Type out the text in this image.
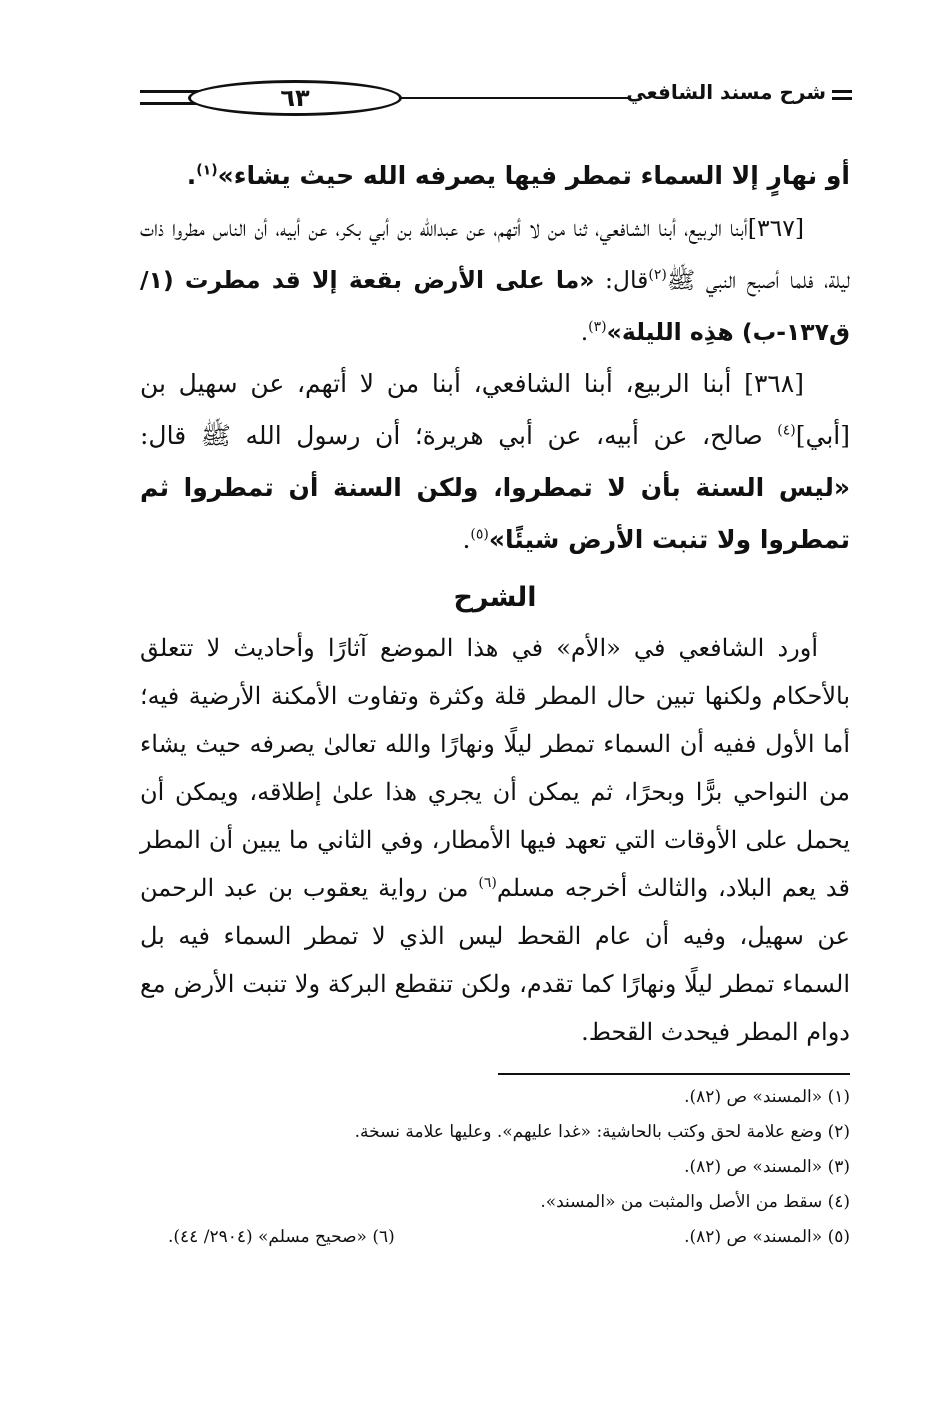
٦٣	شرح مسند الشافعي

أو نهارٍ إلا السماء تمطر فيها يصرفه الله حيث يشاء»$^{(١)}$.

[٣٦٧]أبنا الربيع، أبنا الشافعي، ثنا من لا أتهم، عن عبدالله بن أبي بكر، عن أبيه، أن الناس مطروا ذات ليلة، فلما أصبح النبي ﷺ$^{(٢)}$قال: «ما على الأرض بقعة إلا قد مطرت (١/ ق١٣٧-ب) هذِه الليلة»$^{(٣)}$.

[٣٦٨] أبنا الربيع، أبنا الشافعي، أبنا من لا أتهم، عن سهيل بن [أبي]$^{(٤)}$ صالح، عن أبيه، عن أبي هريرة؛ أن رسول الله ﷺ قال: «ليس السنة بأن لا تمطروا، ولكن السنة أن تمطروا ثم تمطروا ولا تنبت الأرض شيئًا»$^{(٥)}$.

الشرح

أورد الشافعي في «الأم» في هذا الموضع آثارًا وأحاديث لا تتعلق بالأحكام ولكنها تبين حال المطر قلة وكثرة وتفاوت الأمكنة الأرضية فيه؛ أما الأول ففيه أن السماء تمطر ليلًا ونهارًا والله تعالىٰ يصرفه حيث يشاء من النواحي برًّا وبحرًا، ثم يمكن أن يجري هذا علىٰ إطلاقه، ويمكن أن يحمل على الأوقات التي تعهد فيها الأمطار، وفي الثاني ما يبين أن المطر قد يعم البلاد، والثالث أخرجه مسلم$^{(٦)}$ من رواية يعقوب بن عبد الرحمن عن سهيل، وفيه أن عام القحط ليس الذي لا تمطر السماء فيه بل السماء تمطر ليلًا ونهارًا كما تقدم، ولكن تنقطع البركة ولا تنبت الأرض مع دوام المطر فيحدث القحط.

(١) «المسند» ص (٨٢).

(٢) وضع علامة لحق وكتب بالحاشية: «غدا عليهم». وعليها علامة نسخة.

(٣) «المسند» ص (٨٢).

(٤) سقط من الأصل والمثبت من «المسند».

(٥) «المسند» ص (٨٢).
(٦) «صحيح مسلم» (٢٩٠٤/ ٤٤).
